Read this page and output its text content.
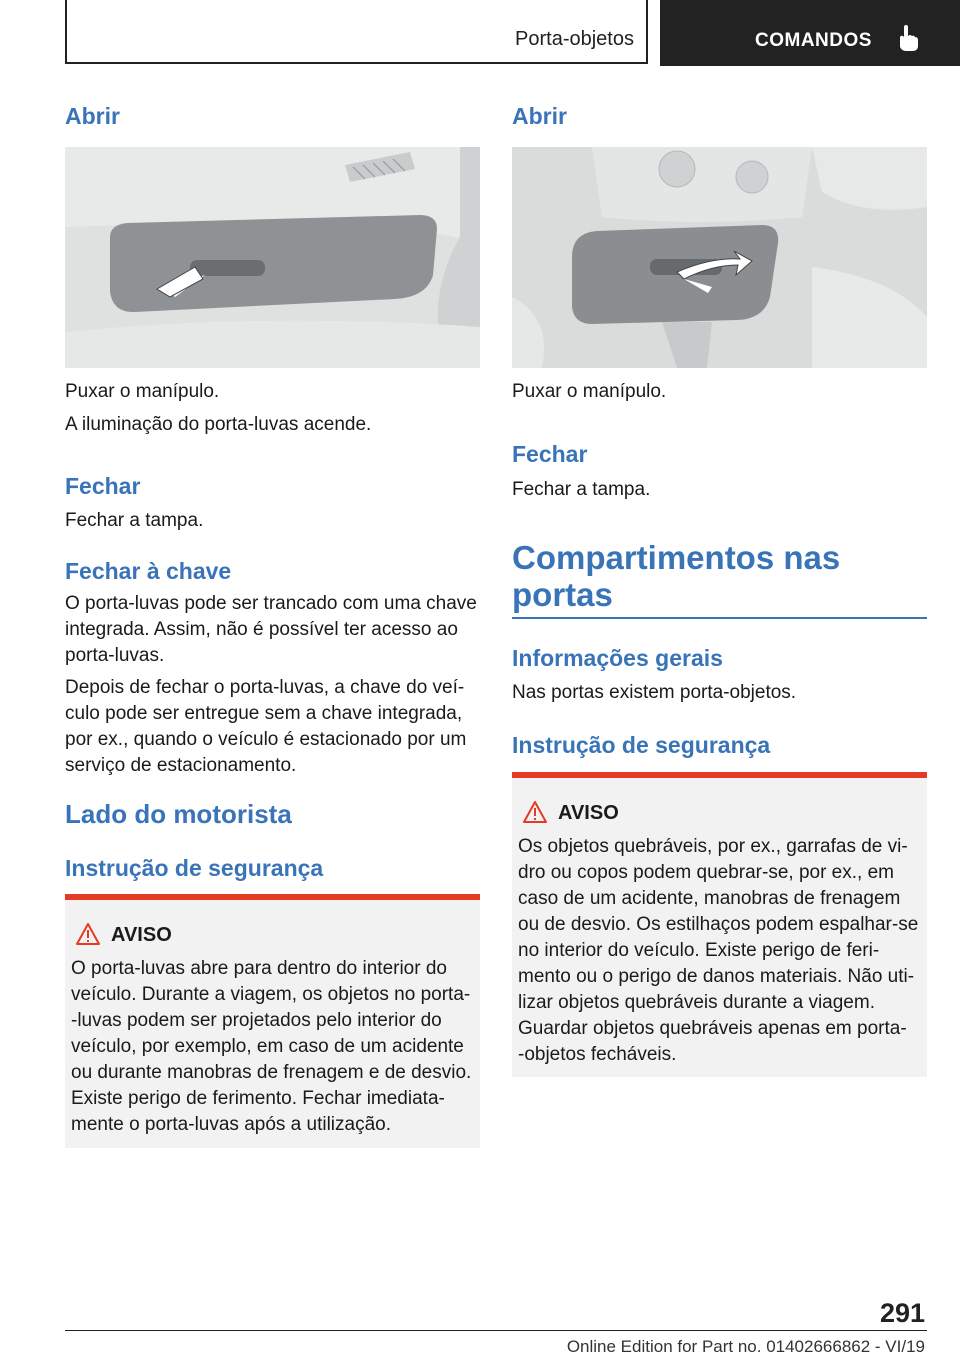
Porta-objetos	COMANDOS
Abrir

Puxar o manípulo.

A iluminação do porta-luvas acende.

Fechar

Fechar a tampa.

Fechar à chave

O porta-luvas pode ser trancado com uma chave

integrada. Assim, não é possível ter acesso ao

porta-luvas.

Depois de fechar o porta-luvas, a chave do veí‐

culo pode ser entregue sem a chave integrada,

por ex., quando o veículo é estacionado por um

serviço de estacionamento.

Lado do motorista
Instrução de segurança
AVISO
O porta-luvas abre para dentro do interior do
veículo. Durante a viagem, os objetos no porta‐
-luvas podem ser projetados pelo interior do
veículo, por exemplo, em caso de um acidente
ou durante manobras de frenagem e de desvio.
Existe perigo de ferimento. Fechar imediata‐
mente o porta-luvas após a utilização.
Abrir

Puxar o manípulo.

Fechar

Fechar a tampa.

Compartimentos nas
portas
Informações gerais

Nas portas existem porta-objetos.

Instrução de segurança
AVISO
Os objetos quebráveis, por ex., garrafas de vi‐
dro ou copos podem quebrar-se, por ex., em
caso de um acidente, manobras de frenagem
ou de desvio. Os estilhaços podem espalhar-se
no interior do veículo. Existe perigo de feri‐
mento ou o perigo de danos materiais. Não uti‐
lizar objetos quebráveis durante a viagem.
Guardar objetos quebráveis apenas em porta‐
-objetos fecháveis.
291
Online Edition for Part no. 01402666862 - VI/19
